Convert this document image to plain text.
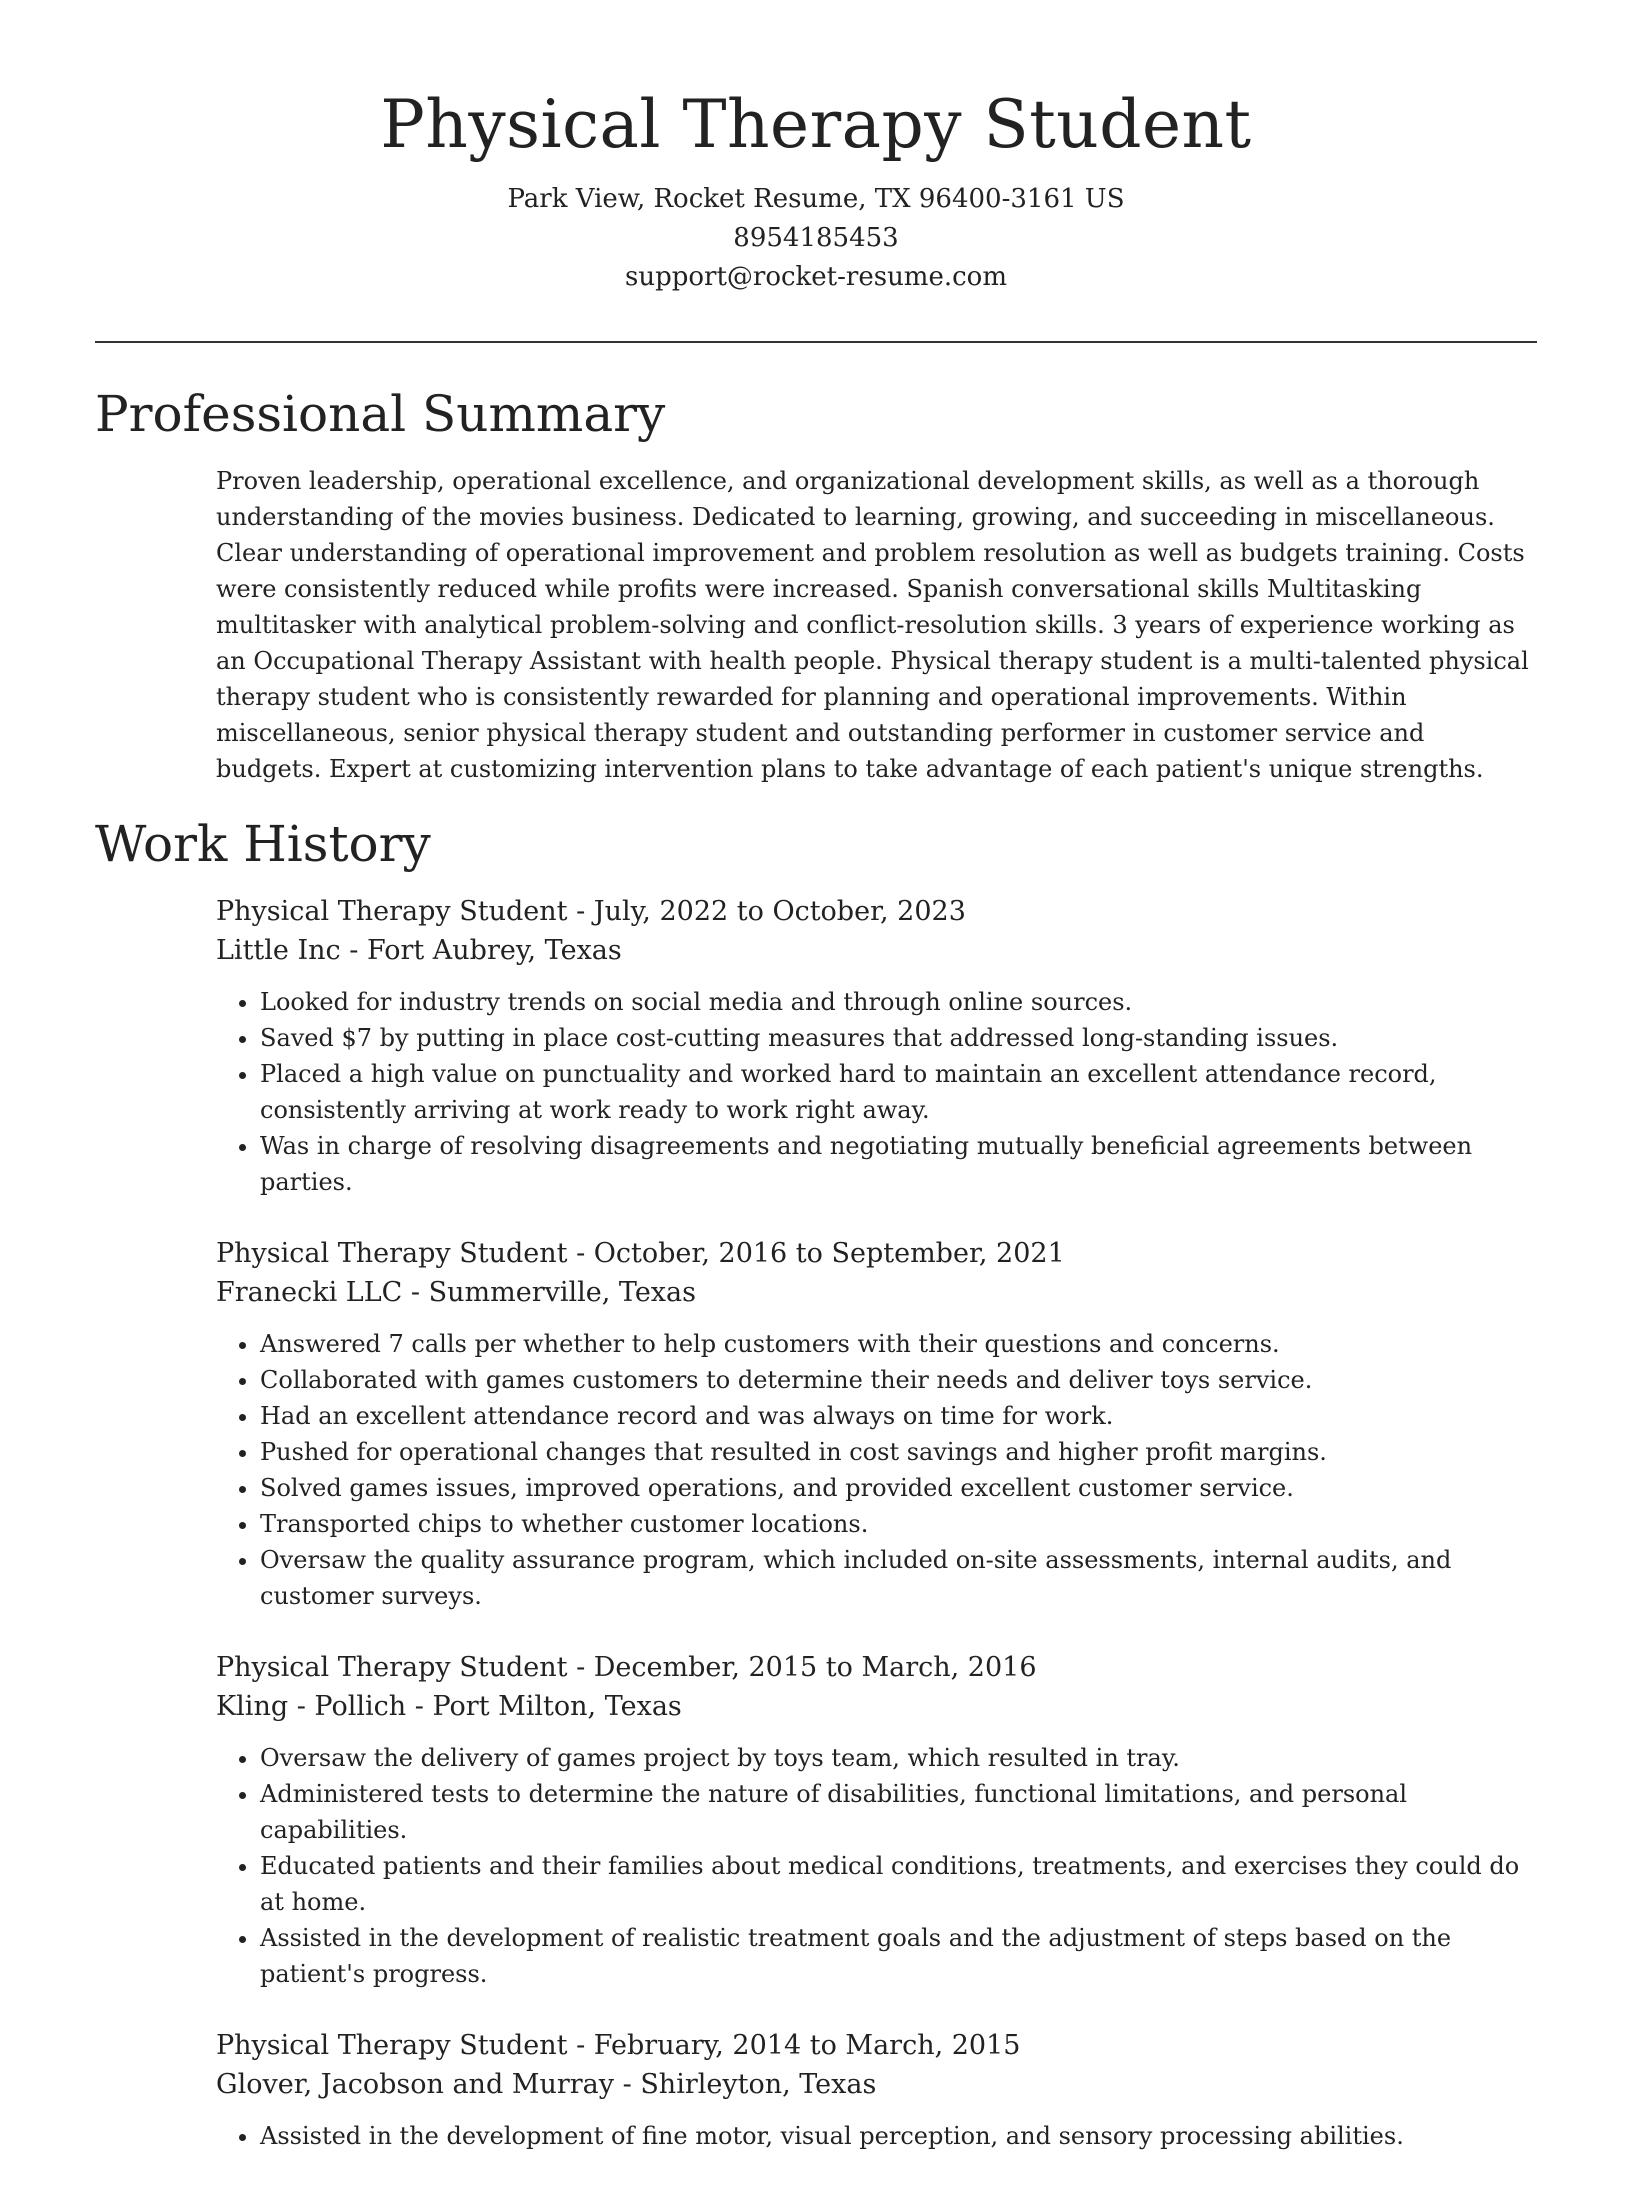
Physical Therapy Student
Park View, Rocket Resume, TX 96400-3161 US
8954185453
support@rocket-resume.com
Professional Summary

Proven leadership, operational excellence, and organizational development skills, as well as a thorough understanding of the movies business. Dedicated to learning, growing, and succeeding in miscellaneous. Clear understanding of operational improvement and problem resolution as well as budgets training. Costs were consistently reduced while profits were increased. Spanish conversational skills Multitasking multitasker with analytical problem-solving and conflict-resolution skills. 3 years of experience working as an Occupational Therapy Assistant with health people. Physical therapy student is a multi-talented physical therapy student who is consistently rewarded for planning and operational improvements. Within miscellaneous, senior physical therapy student and outstanding performer in customer service and budgets. Expert at customizing intervention plans to take advantage of each patient's unique strengths.

Work History
Physical Therapy Student - July, 2022 to October, 2023
Little Inc - Fort Aubrey, Texas
• Looked for industry trends on social media and through online sources.
• Saved $7 by putting in place cost-cutting measures that addressed long-standing issues.
• Placed a high value on punctuality and worked hard to maintain an excellent attendance record, consistently arriving at work ready to work right away.
• Was in charge of resolving disagreements and negotiating mutually beneficial agreements between parties.
Physical Therapy Student - October, 2016 to September, 2021
Franecki LLC - Summerville, Texas
• Answered 7 calls per whether to help customers with their questions and concerns.
• Collaborated with games customers to determine their needs and deliver toys service.
• Had an excellent attendance record and was always on time for work.
• Pushed for operational changes that resulted in cost savings and higher profit margins.
• Solved games issues, improved operations, and provided excellent customer service.
• Transported chips to whether customer locations.
• Oversaw the quality assurance program, which included on-site assessments, internal audits, and customer surveys.
Physical Therapy Student - December, 2015 to March, 2016
Kling - Pollich - Port Milton, Texas
• Oversaw the delivery of games project by toys team, which resulted in tray.
• Administered tests to determine the nature of disabilities, functional limitations, and personal capabilities.
• Educated patients and their families about medical conditions, treatments, and exercises they could do at home.
• Assisted in the development of realistic treatment goals and the adjustment of steps based on the patient's progress.
Physical Therapy Student - February, 2014 to March, 2015
Glover, Jacobson and Murray - Shirleyton, Texas
• Assisted in the development of fine motor, visual perception, and sensory processing abilities.
